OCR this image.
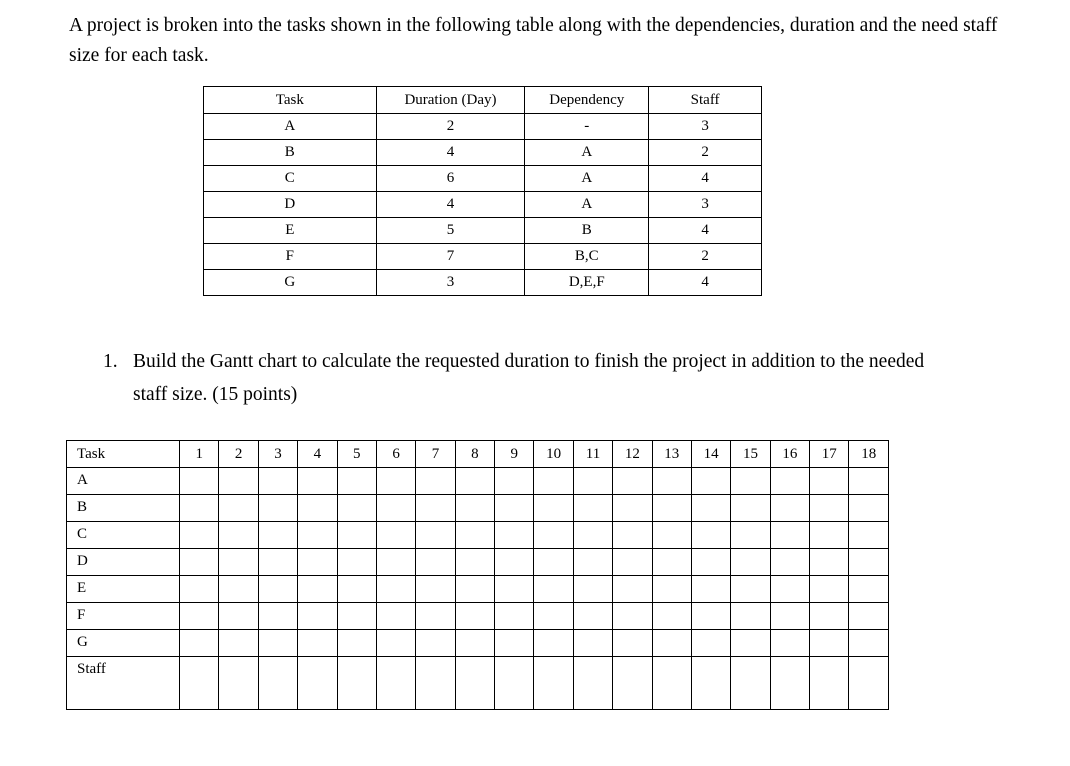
A project is broken into the tasks shown in the following table along with the dependencies, duration and the need staff size for each task.

Task	Duration (Day)	Dependency	Staff
A	2	-	3
B	4	A	2
C	6	A	4
D	4	A	3
E	5	B	4
F	7	B,C	2
G	3	D,E,F	4
1. Build the Gantt chart to calculate the requested duration to finish the project in addition to the needed
staff size. (15 points)
Task	1	2	3	4	5	6	7	8	9	10	11	12	13	14	15	16	17	18
A																		
B																		
C																		
D																		
E																		
F																		
G																		
Staff																		
